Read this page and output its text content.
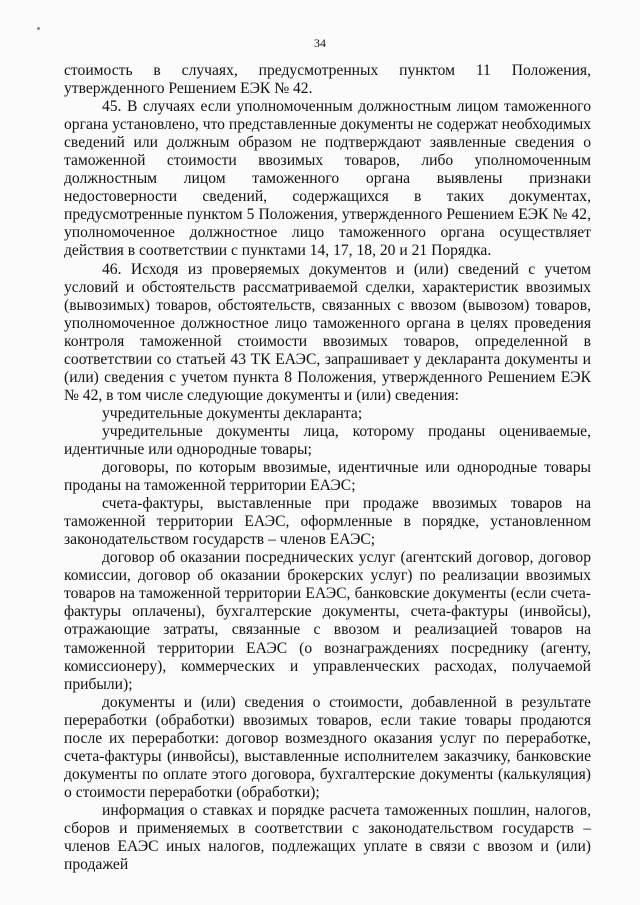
34

стоимость в случаях, предусмотренных пунктом 11 Положения, утвержденного Решением ЕЭК № 42.

45. В случаях если уполномоченным должностным лицом таможенного органа установлено, что представленные документы не содержат необходимых сведений или должным образом не подтверждают заявленные сведения о таможенной стоимости ввозимых товаров, либо уполномоченным должностным лицом таможенного органа выявлены признаки недостоверности сведений, содержащихся в таких документах, предусмотренные пунктом 5 Положения, утвержденного Решением ЕЭК № 42, уполномоченное должностное лицо таможенного органа осуществляет действия в соответствии с пунктами 14, 17, 18, 20 и 21 Порядка.

46. Исходя из проверяемых документов и (или) сведений с учетом условий и обстоятельств рассматриваемой сделки, характеристик ввозимых (вывозимых) товаров, обстоятельств, связанных с ввозом (вывозом) товаров, уполномоченное должностное лицо таможенного органа в целях проведения контроля таможенной стоимости ввозимых товаров, определенной в соответствии со статьей 43 ТК ЕАЭС, запрашивает у декларанта документы и (или) сведения с учетом пункта 8 Положения, утвержденного Решением ЕЭК № 42, в том числе следующие документы и (или) сведения:

учредительные документы декларанта;

учредительные документы лица, которому проданы оцениваемые, идентичные или однородные товары;

договоры, по которым ввозимые, идентичные или однородные товары проданы на таможенной территории ЕАЭС;

счета-фактуры, выставленные при продаже ввозимых товаров на таможенной территории ЕАЭС, оформленные в порядке, установленном законодательством государств – членов ЕАЭС;

договор об оказании посреднических услуг (агентский договор, договор комиссии, договор об оказании брокерских услуг) по реализации ввозимых товаров на таможенной территории ЕАЭС, банковские документы (если счета-фактуры оплачены), бухгалтерские документы, счета-фактуры (инвойсы), отражающие затраты, связанные с ввозом и реализацией товаров на таможенной территории ЕАЭС (о вознаграждениях посреднику (агенту, комиссионеру), коммерческих и управленческих расходах, получаемой прибыли);

документы и (или) сведения о стоимости, добавленной в результате переработки (обработки) ввозимых товаров, если такие товары продаются после их переработки: договор возмездного оказания услуг по переработке, счета-фактуры (инвойсы), выставленные исполнителем заказчику, банковские документы по оплате этого договора, бухгалтерские документы (калькуляция) о стоимости переработки (обработки);

информация о ставках и порядке расчета таможенных пошлин, налогов, сборов и применяемых в соответствии с законодательством государств – членов ЕАЭС иных налогов, подлежащих уплате в связи с ввозом и (или) продажей
